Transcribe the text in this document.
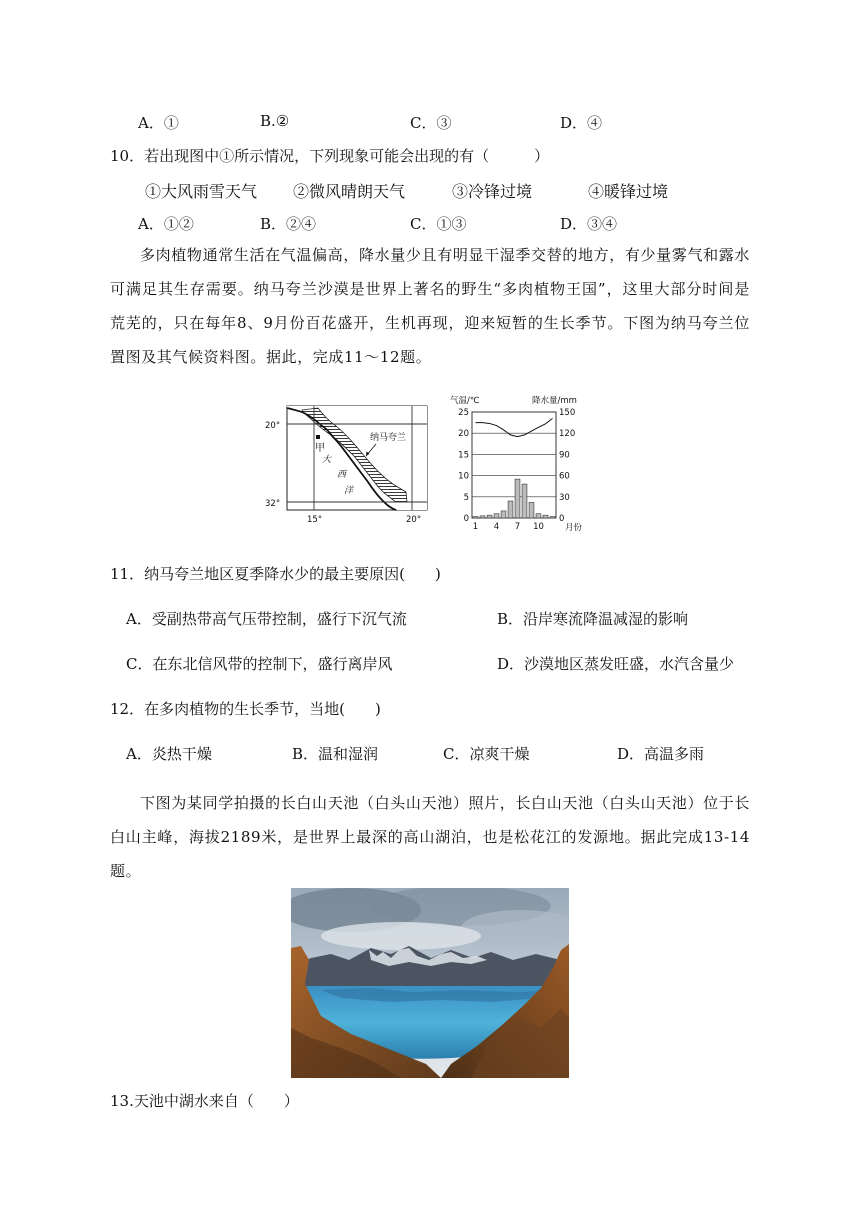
A．①	B.②	C．③	D．④
10．若出现图中①所示情况，下列现象可能会出现的有（　　　）
①大风雨雪天气 ②微风晴朗天气	③冷锋过境	④暖锋过境
A．①②	B．②④	C．①③	D．③④
多肉植物通常生活在气温偏高，降水量少且有明显干湿季交替的地方，有少量雾气和露水可满足其生存需要。纳马夸兰沙漠是世界上著名的野生“多肉植物王国”，这里大部分时间是荒芜的，只在每年8、9月份百花盛开，生机再现，迎来短暂的生长季节。下图为纳马夸兰位置图及其气候资料图。据此，完成11～12题。
甲
纳马夸兰
大
西
洋
20°
32°
15°	20°
气温/℃	降水量/mm
月份
0
5
10
15
20
25
0
30
60
90
120
150
1 4 7 10
11．纳马夸兰地区夏季降水少的最主要原因(　　)
A．受副热带高气压带控制，盛行下沉气流	B．沿岸寒流降温减湿的影响
C．在东北信风带的控制下，盛行离岸风	D．沙漠地区蒸发旺盛，水汽含量少
12．在多肉植物的生长季节，当地(　　)
A．炎热干燥	B．温和湿润	C．凉爽干燥	D．高温多雨
下图为某同学拍摄的长白山天池（白头山天池）照片，长白山天池（白头山天池）位于长白山主峰，海拔2189米，是世界上最深的高山湖泊，也是松花江的发源地。据此完成13-14题。
13.天池中湖水来自（　　）
